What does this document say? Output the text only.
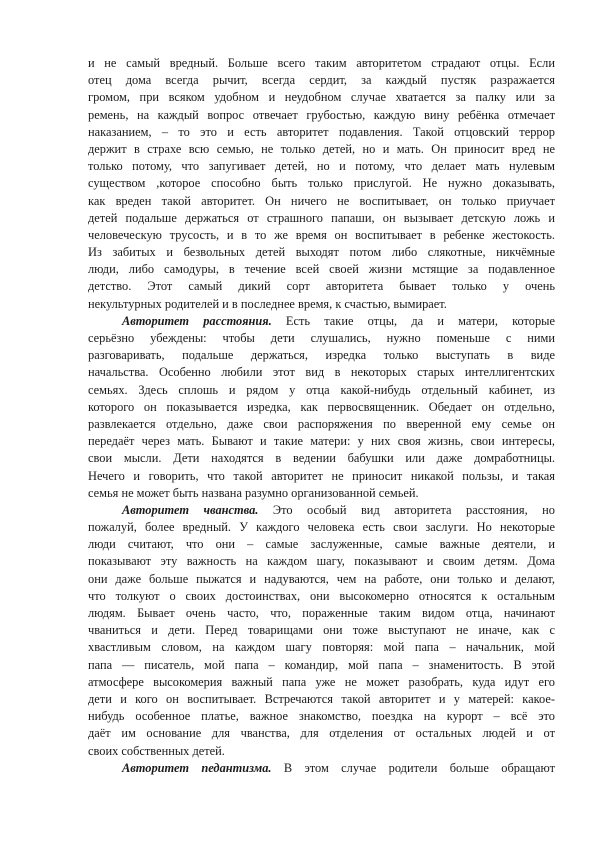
и не самый вредный. Больше всего таким авторитетом страдают отцы. Если
отец дома всегда рычит, всегда сердит, за каждый пустяк разражается
громом, при всяком удобном и неудобном случае хватается за палку или за
ремень, на каждый вопрос отвечает грубостью, каждую вину ребёнка отмечает
наказанием, – то это и есть авторитет подавления. Такой отцовский террор
держит в страхе всю семью, не только детей, но и мать. Он приносит вред не
только потому, что запугивает детей, но и потому, что делает мать нулевым
существом ,которое способно быть только прислугой. Не нужно доказывать,
как вреден такой авторитет. Он ничего не воспитывает, он только приучает
детей подальше держаться от страшного папаши, он вызывает детскую ложь и
человеческую трусость, и в то же время он воспитывает в ребенке жестокость.
Из забитых и безвольных детей выходят потом либо слякотные, никчёмные
люди, либо самодуры, в течение всей своей жизни мстящие за подавленное
детство. Этот самый дикий сорт авторитета бывает только у очень
некультурных родителей и в последнее время, к счастью, вымирает.
Авторитет расстояния. Есть такие отцы, да и матери, которые
серьёзно убеждены: чтобы дети слушались, нужно поменьше с ними
разговаривать, подальше держаться, изредка только выступать в виде
начальства. Особенно любили этот вид в некоторых старых интеллигентских
семьях. Здесь сплошь и рядом у отца какой-нибудь отдельный кабинет, из
которого он показывается изредка, как первосвященник. Обедает он отдельно,
развлекается отдельно, даже свои распоряжения по вверенной ему семье он
передаёт через мать. Бывают и такие матери: у них своя жизнь, свои интересы,
свои мысли. Дети находятся в ведении бабушки или даже домработницы.
Нечего и говорить, что такой авторитет не приносит никакой пользы, и такая
семья не может быть названа разумно организованной семьей.
Авторитет чванства. Это особый вид авторитета расстояния, но
пожалуй, более вредный. У каждого человека есть свои заслуги. Но некоторые
люди считают, что они – самые заслуженные, самые важные деятели, и
показывают эту важность на каждом шагу, показывают и своим детям. Дома
они даже больше пыжатся и надуваются, чем на работе, они только и делают,
что толкуют о своих достоинствах, они высокомерно относятся к остальным
людям. Бывает очень часто, что, пораженные таким видом отца, начинают
чваниться и дети. Перед товарищами они тоже выступают не иначе, как с
хвастливым словом, на каждом шагу повторяя: мой папа – начальник, мой
папа — писатель, мой папа – командир, мой папа – знаменитость. В этой
атмосфере высокомерия важный папа уже не может разобрать, куда идут его
дети и кого он воспитывает. Встречаются такой авторитет и у матерей: какое-
нибудь особенное платье, важное знакомство, поездка на курорт – всё это
даёт им основание для чванства, для отделения от остальных людей и от
своих собственных детей.
Авторитет педантизма. В этом случае родители больше обращают
